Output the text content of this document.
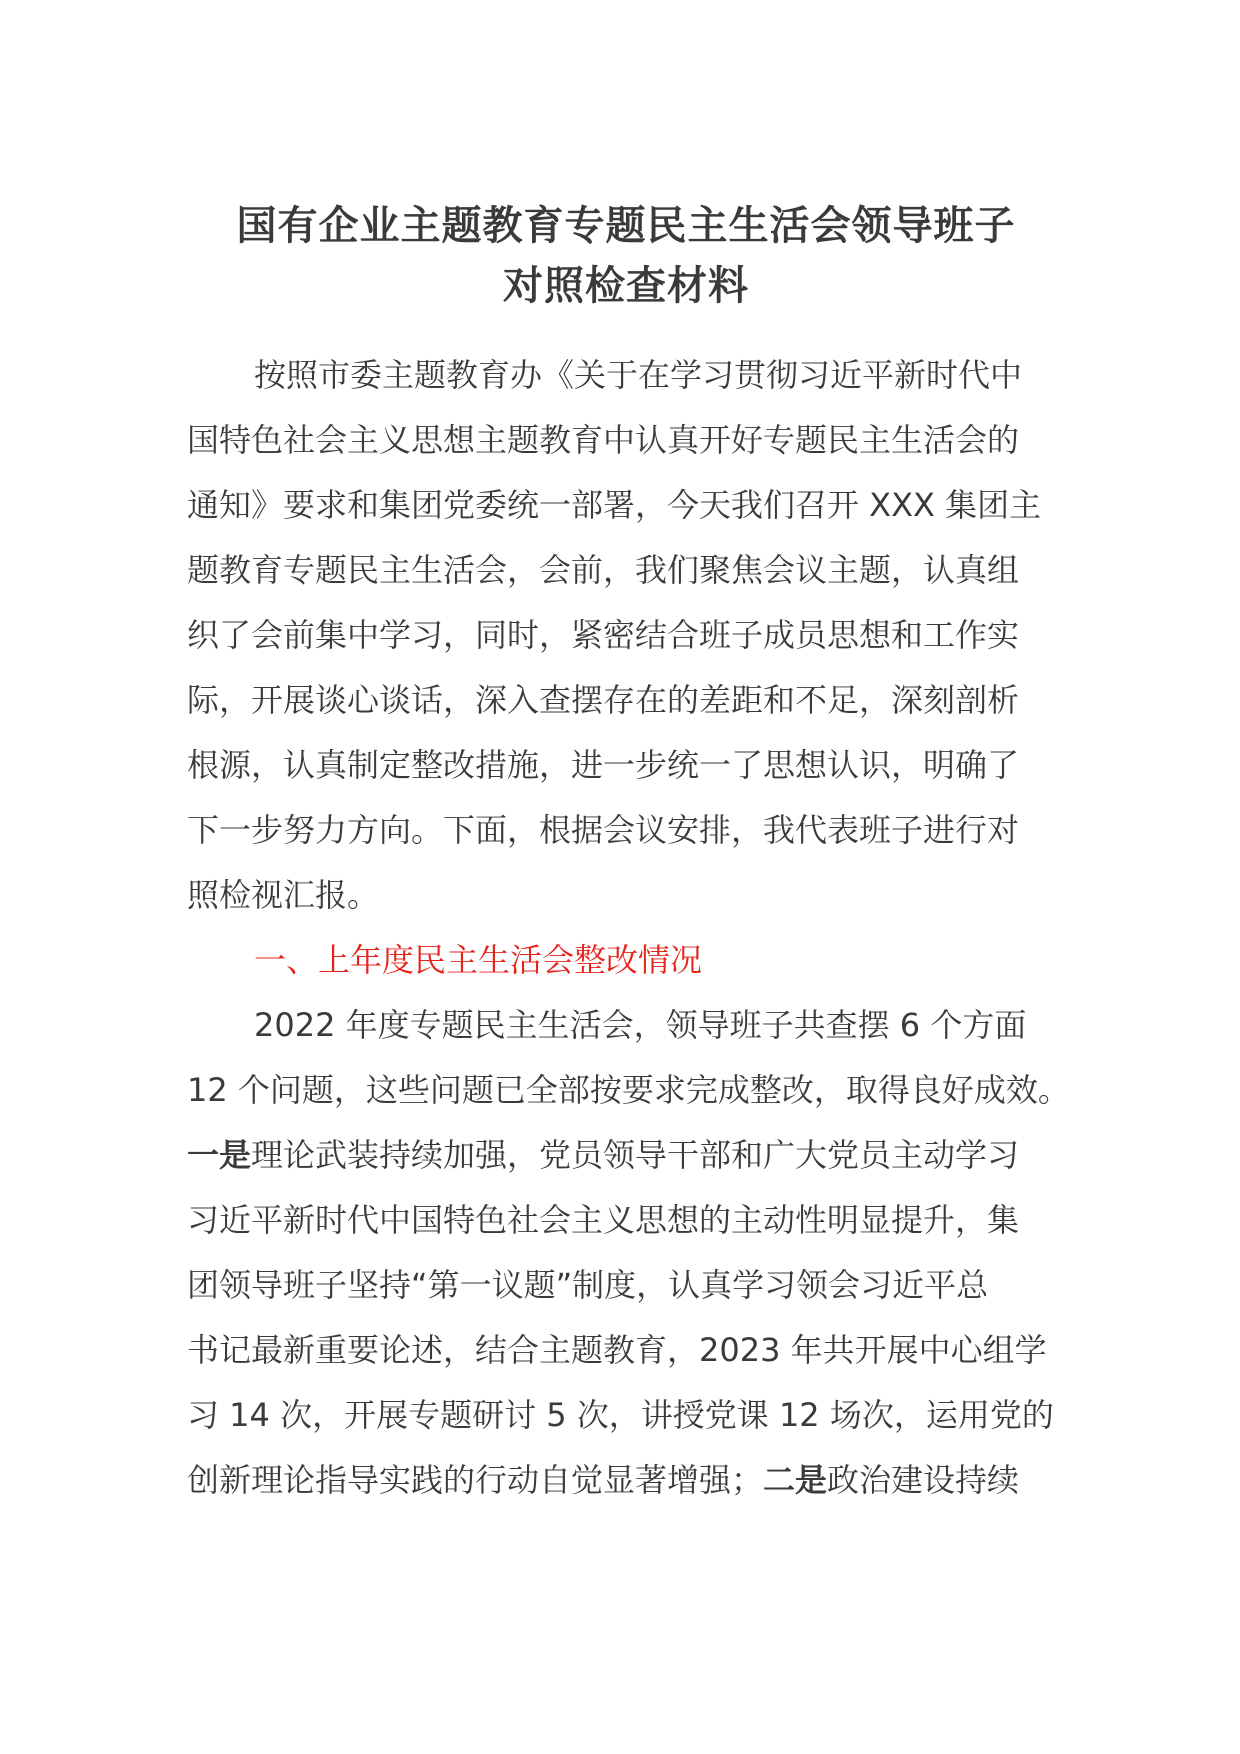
国有企业主题教育专题民主生活会领导班子
对照检查材料
按照市委主题教育办《关于在学习贯彻习近平新时代中
国特色社会主义思想主题教育中认真开好专题民主生活会的
通知》要求和集团党委统一部署，今天我们召开 XXX 集团主
题教育专题民主生活会，会前，我们聚焦会议主题，认真组
织了会前集中学习，同时，紧密结合班子成员思想和工作实
际，开展谈心谈话，深入查摆存在的差距和不足，深刻剖析
根源，认真制定整改措施，进一步统一了思想认识，明确了
下一步努力方向。下面，根据会议安排，我代表班子进行对
照检视汇报。
一、上年度民主生活会整改情况
2022 年度专题民主生活会，领导班子共查摆 6 个方面
12 个问题，这些问题已全部按要求完成整改，取得良好成效。
一是理论武装持续加强，党员领导干部和广大党员主动学习
习近平新时代中国特色社会主义思想的主动性明显提升，集
团领导班子坚持“第一议题”制度，认真学习领会习近平总
书记最新重要论述，结合主题教育，2023 年共开展中心组学
习 14 次，开展专题研讨 5 次，讲授党课 12 场次，运用党的
创新理论指导实践的行动自觉显著增强；二是政治建设持续
